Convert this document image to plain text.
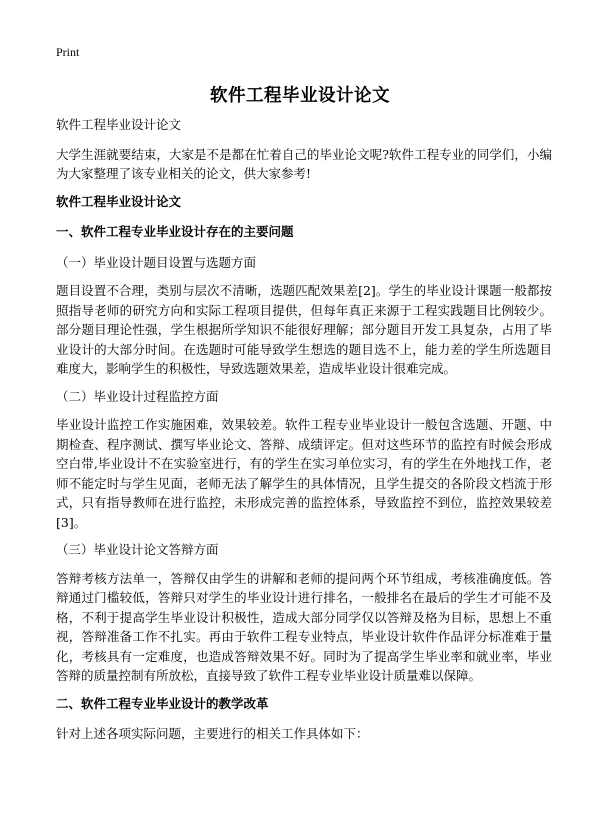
Print
软件工程毕业设计论文

软件工程毕业设计论文

大学生涯就要结束，大家是不是都在忙着自己的毕业论文呢?软件工程专业的同学们，小编为大家整理了该专业相关的论文，供大家参考!

软件工程毕业设计论文

一、软件工程专业毕业设计存在的主要问题

（一）毕业设计题目设置与选题方面

题目设置不合理，类别与层次不清晰，选题匹配效果差[2]。学生的毕业设计课题一般都按照指导老师的研究方向和实际工程项目提供，但每年真正来源于工程实践题目比例较少。部分题目理论性强，学生根据所学知识不能很好理解；部分题目开发工具复杂，占用了毕业设计的大部分时间。在选题时可能导致学生想选的题目选不上，能力差的学生所选题目难度大，影响学生的积极性，导致选题效果差，造成毕业设计很难完成。

（二）毕业设计过程监控方面

毕业设计监控工作实施困难，效果较差。软件工程专业毕业设计一般包含选题、开题、中期检查、程序测试、撰写毕业论文、答辩、成绩评定。但对这些环节的监控有时候会形成空白带,毕业设计不在实验室进行，有的学生在实习单位实习，有的学生在外地找工作，老师不能定时与学生见面，老师无法了解学生的具体情况，且学生提交的各阶段文档流于形式，只有指导教师在进行监控，未形成完善的监控体系，导致监控不到位，监控效果较差[3]。

（三）毕业设计论文答辩方面

答辩考核方法单一，答辩仅由学生的讲解和老师的提问两个环节组成，考核准确度低。答辩通过门槛较低，答辩只对学生的毕业设计进行排名，一般排名在最后的学生才可能不及格，不利于提高学生毕业设计积极性，造成大部分同学仅以答辩及格为目标，思想上不重视，答辩准备工作不扎实。再由于软件工程专业特点，毕业设计软件作品评分标准难于量化，考核具有一定难度，也造成答辩效果不好。同时为了提高学生毕业率和就业率，毕业答辩的质量控制有所放松，直接导致了软件工程专业毕业设计质量难以保障。

二、软件工程专业毕业设计的教学改革

针对上述各项实际问题，主要进行的相关工作具体如下：
